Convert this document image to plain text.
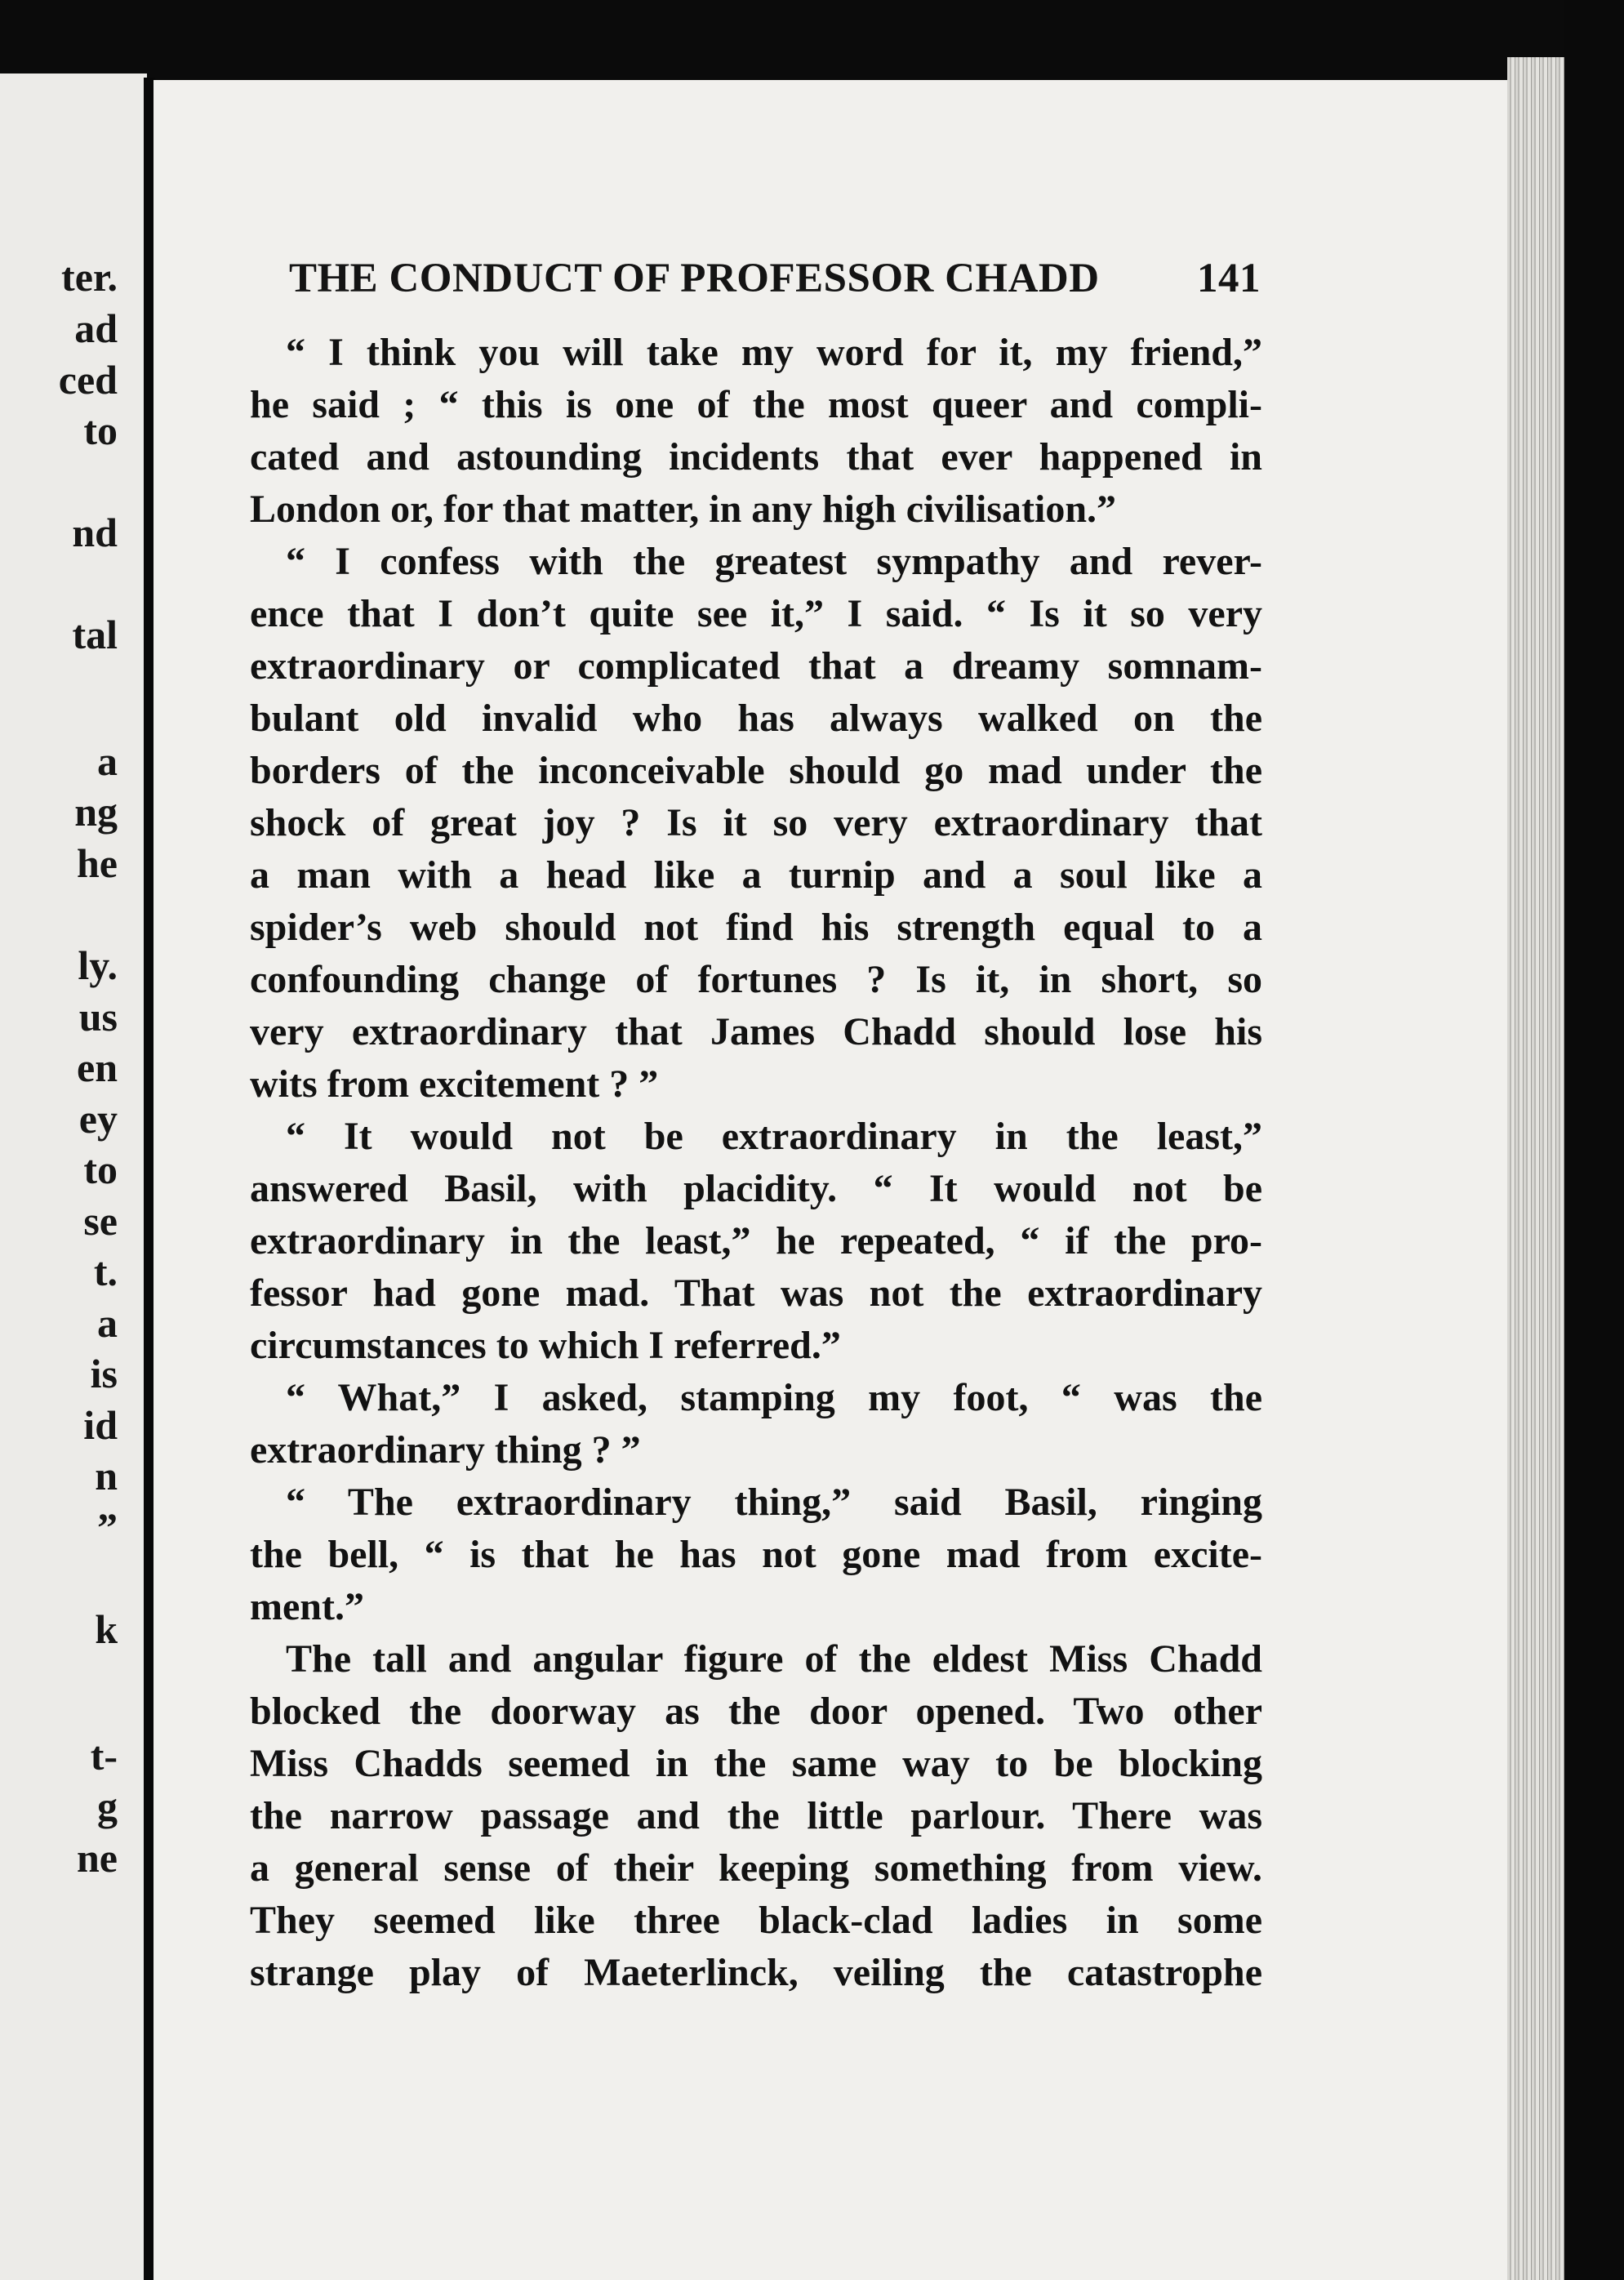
ter.
ad
ced
to
nd
tal
a
ng
he
ly.
us
en
ey
to
se
t.
a
is
id
n
”
k
t-
g
ne
THE CONDUCT OF PROFESSOR CHADD 141
“ I think you will take my word for it, my friend,”
he said ; “ this is one of the most queer and compli-
cated and astounding incidents that ever happened in
London or, for that matter, in any high civilisation.”
“ I confess with the greatest sympathy and rever-
ence that I don’t quite see it,” I said. “ Is it so very
extraordinary or complicated that a dreamy somnam-
bulant old invalid who has always walked on the
borders of the inconceivable should go mad under the
shock of great joy ? Is it so very extraordinary that
a man with a head like a turnip and a soul like a
spider’s web should not find his strength equal to a
confounding change of fortunes ? Is it, in short, so
very extraordinary that James Chadd should lose his
wits from excitement ? ”
“ It would not be extraordinary in the least,”
answered Basil, with placidity. “ It would not be
extraordinary in the least,” he repeated, “ if the pro-
fessor had gone mad. That was not the extraordinary
circumstances to which I referred.”
“ What,” I asked, stamping my foot, “ was the
extraordinary thing ? ”
“ The extraordinary thing,” said Basil, ringing
the bell, “ is that he has not gone mad from excite-
ment.”
The tall and angular figure of the eldest Miss Chadd
blocked the doorway as the door opened. Two other
Miss Chadds seemed in the same way to be blocking
the narrow passage and the little parlour. There was
a general sense of their keeping something from view.
They seemed like three black-clad ladies in some
strange play of Maeterlinck, veiling the catastrophe
